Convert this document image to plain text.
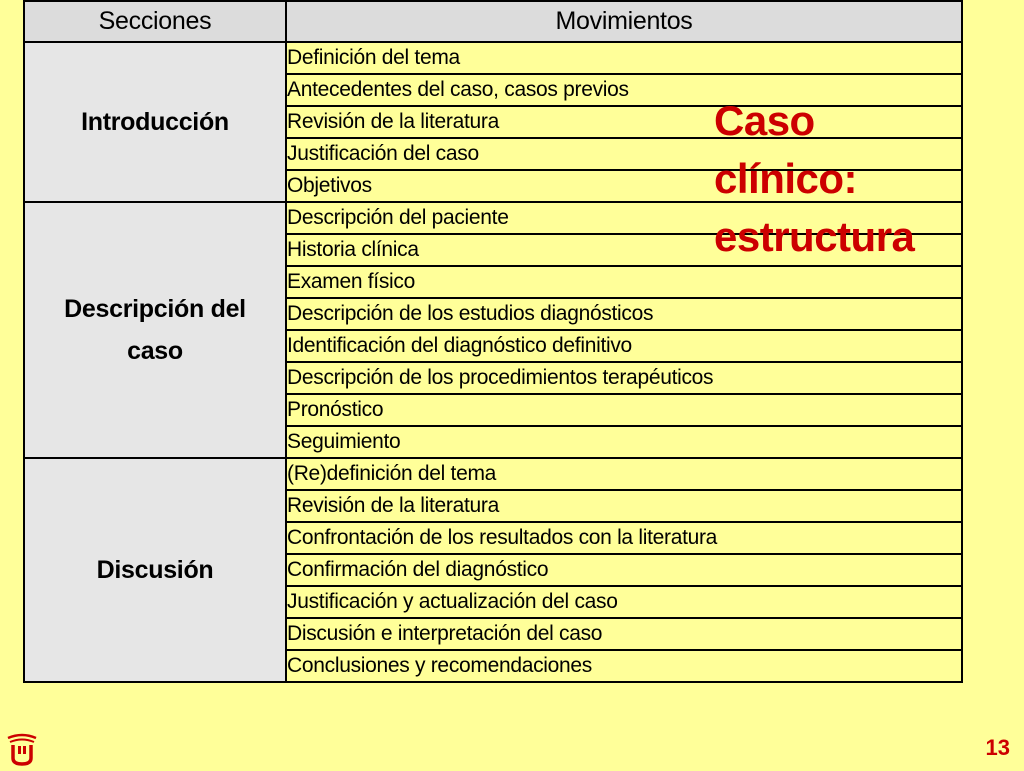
Secciones	Movimientos
Introducción	Definición del tema
	Antecedentes del caso, casos previos
	Revisión de la literatura
	Justificación del caso
	Objetivos
Descripción del caso	Descripción del paciente
	Historia clínica
	Examen físico
	Descripción de los estudios diagnósticos
	Identificación del diagnóstico definitivo
	Descripción de los procedimientos terapéuticos
	Pronóstico
	Seguimiento
Discusión	(Re)definición del tema
	Revisión de la literatura
	Confrontación de los resultados con la literatura
	Confirmación del diagnóstico
	Justificación y actualización del caso
	Discusión e interpretación del caso
	Conclusiones y recomendaciones
Caso
clínico:
estructura
13
